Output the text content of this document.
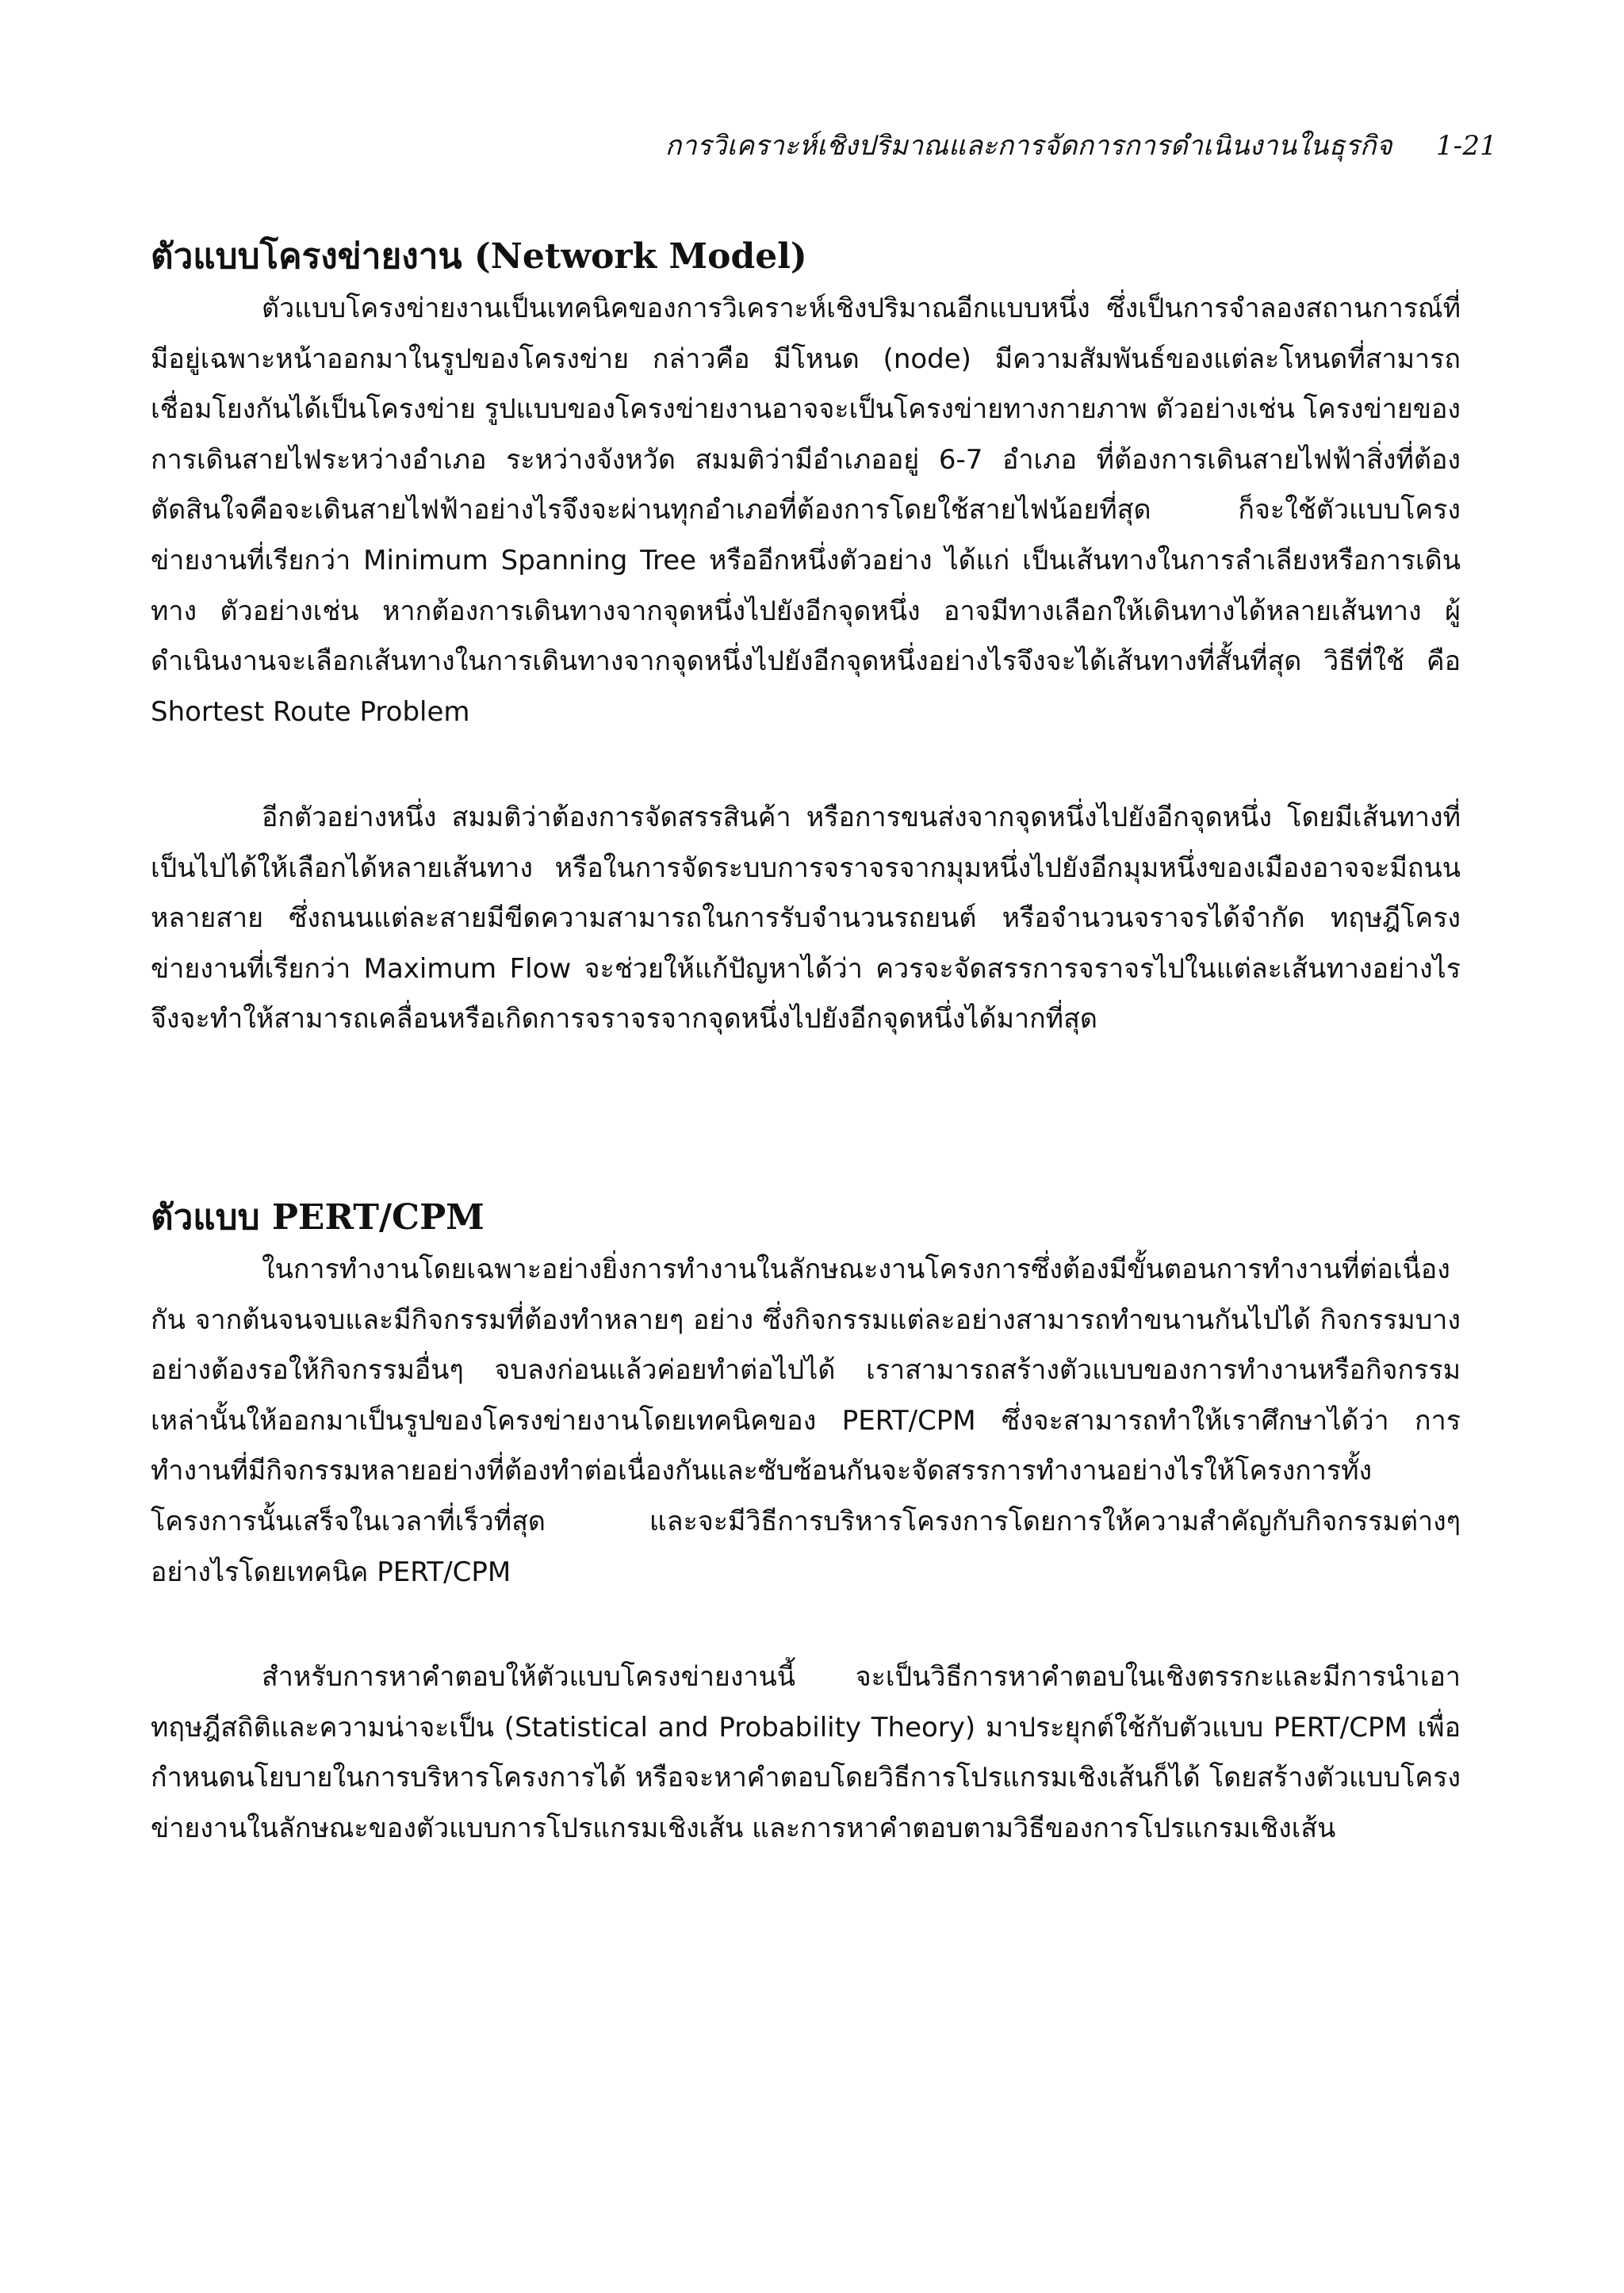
การวิเคราะห์เชิงปริมาณและการจัดการการดำเนินงานในธุรกิจ 1-21
ตัวแบบโครงข่ายงาน (Network Model)

ตัวแบบโครงข่ายงานเป็นเทคนิคของการวิเคราะห์เชิงปริมาณอีกแบบหนึ่ง ซึ่งเป็นการจำลองสถานการณ์ที่มีอยู่เฉพาะหน้าออกมาในรูปของโครงข่าย กล่าวคือ มีโหนด (node) มีความสัมพันธ์ของแต่ละโหนดที่สามารถเชื่อมโยงกันได้เป็นโครงข่าย รูปแบบของโครงข่ายงานอาจจะเป็นโครงข่ายทางกายภาพ ตัวอย่างเช่น โครงข่ายของการเดินสายไฟระหว่างอำเภอ ระหว่างจังหวัด สมมติว่ามีอำเภออยู่ 6-7 อำเภอ ที่ต้องการเดินสายไฟฟ้าสิ่งที่ต้องตัดสินใจคือจะเดินสายไฟฟ้าอย่างไรจึงจะผ่านทุกอำเภอที่ต้องการโดยใช้สายไฟน้อยที่สุด ก็จะใช้ตัวแบบโครงข่ายงานที่เรียกว่า Minimum Spanning Tree หรืออีกหนึ่งตัวอย่าง ได้แก่ เป็นเส้นทางในการลำเลียงหรือการเดินทาง ตัวอย่างเช่น หากต้องการเดินทางจากจุดหนึ่งไปยังอีกจุดหนึ่ง อาจมีทางเลือกให้เดินทางได้หลายเส้นทาง ผู้ดำเนินงานจะเลือกเส้นทางในการเดินทางจากจุดหนึ่งไปยังอีกจุดหนึ่งอย่างไรจึงจะได้เส้นทางที่สั้นที่สุด วิธีที่ใช้ คือ Shortest Route Problem

อีกตัวอย่างหนึ่ง สมมติว่าต้องการจัดสรรสินค้า หรือการขนส่งจากจุดหนึ่งไปยังอีกจุดหนึ่ง โดยมีเส้นทางที่เป็นไปได้ให้เลือกได้หลายเส้นทาง หรือในการจัดระบบการจราจรจากมุมหนึ่งไปยังอีกมุมหนึ่งของเมืองอาจจะมีถนนหลายสาย ซึ่งถนนแต่ละสายมีขีดความสามารถในการรับจำนวนรถยนต์ หรือจำนวนจราจรได้จำกัด ทฤษฎีโครงข่ายงานที่เรียกว่า Maximum Flow จะช่วยให้แก้ปัญหาได้ว่า ควรจะจัดสรรการจราจรไปในแต่ละเส้นทางอย่างไรจึงจะทำให้สามารถเคลื่อนหรือเกิดการจราจรจากจุดหนึ่งไปยังอีกจุดหนึ่งได้มากที่สุด

ตัวแบบ PERT/CPM

ในการทำงานโดยเฉพาะอย่างยิ่งการทำงานในลักษณะงานโครงการซึ่งต้องมีขั้นตอนการทำงานที่ต่อเนื่องกัน จากต้นจนจบและมีกิจกรรมที่ต้องทำหลายๆ อย่าง ซึ่งกิจกรรมแต่ละอย่างสามารถทำขนานกันไปได้ กิจกรรมบางอย่างต้องรอให้กิจกรรมอื่นๆ จบลงก่อนแล้วค่อยทำต่อไปได้ เราสามารถสร้างตัวแบบของการทำงานหรือกิจกรรมเหล่านั้นให้ออกมาเป็นรูปของโครงข่ายงานโดยเทคนิคของ PERT/CPM ซึ่งจะสามารถทำให้เราศึกษาได้ว่า การทำงานที่มีกิจกรรมหลายอย่างที่ต้องทำต่อเนื่องกันและซับซ้อนกันจะจัดสรรการทำงานอย่างไรให้โครงการทั้งโครงการนั้นเสร็จในเวลาที่เร็วที่สุด และจะมีวิธีการบริหารโครงการโดยการให้ความสำคัญกับกิจกรรมต่างๆ อย่างไรโดยเทคนิค PERT/CPM

สำหรับการหาคำตอบให้ตัวแบบโครงข่ายงานนี้ จะเป็นวิธีการหาคำตอบในเชิงตรรกะและมีการนำเอาทฤษฎีสถิติและความน่าจะเป็น (Statistical and Probability Theory) มาประยุกต์ใช้กับตัวแบบ PERT/CPM เพื่อกำหนดนโยบายในการบริหารโครงการได้ หรือจะหาคำตอบโดยวิธีการโปรแกรมเชิงเส้นก็ได้ โดยสร้างตัวแบบโครงข่ายงานในลักษณะของตัวแบบการโปรแกรมเชิงเส้น และการหาคำตอบตามวิธีของการโปรแกรมเชิงเส้น
